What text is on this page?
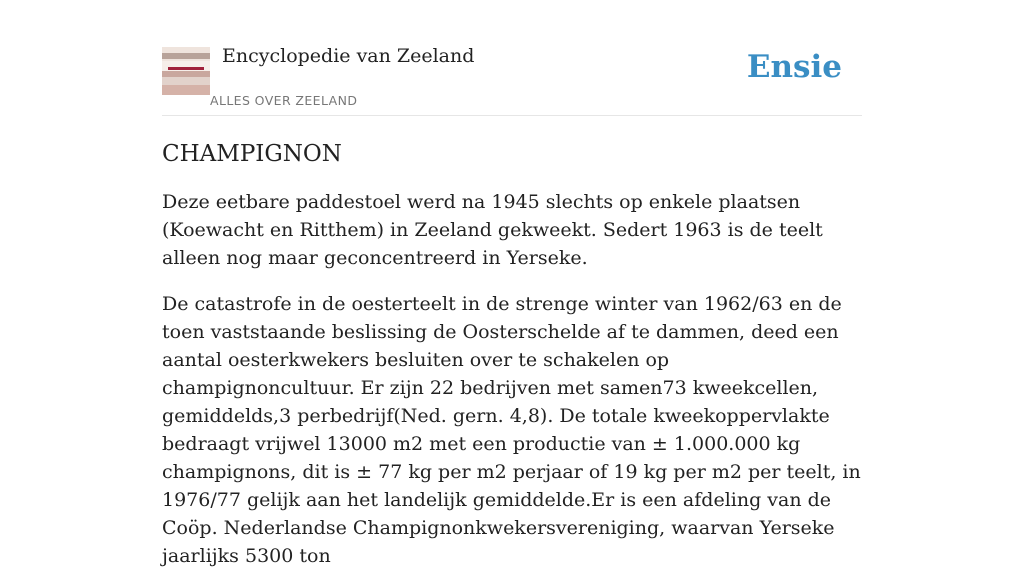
Encyclopedie van Zeeland
ALLES OVER ZEELAND
Ensie
CHAMPIGNON

Deze eetbare paddestoel werd na 1945 slechts op enkele plaatsen (Koewacht en Ritthem) in Zeeland gekweekt. Sedert 1963 is de teelt alleen nog maar geconcentreerd in Yerseke.

De catastrofe in de oesterteelt in de strenge winter van 1962/63 en de toen vaststaande beslissing de Oosterschelde af te dammen, deed een aantal oesterkwekers besluiten over te schakelen op champignoncultuur. Er zijn 22 bedrijven met samen73 kweekcellen, gemiddelds,3 perbedrijf(Ned. gern. 4,8). De totale kweekoppervlakte bedraagt vrijwel 13000 m2 met een productie van ± 1.000.000 kg champignons, dit is ± 77 kg per m2 perjaar of 19 kg per m2 per teelt, in 1976/77 gelijk aan het landelijk gemiddelde.Er is een afdeling van de Coöp. Nederlandse Champignonkwekersvereniging, waarvan Yerseke jaarlijks 5300 ton
